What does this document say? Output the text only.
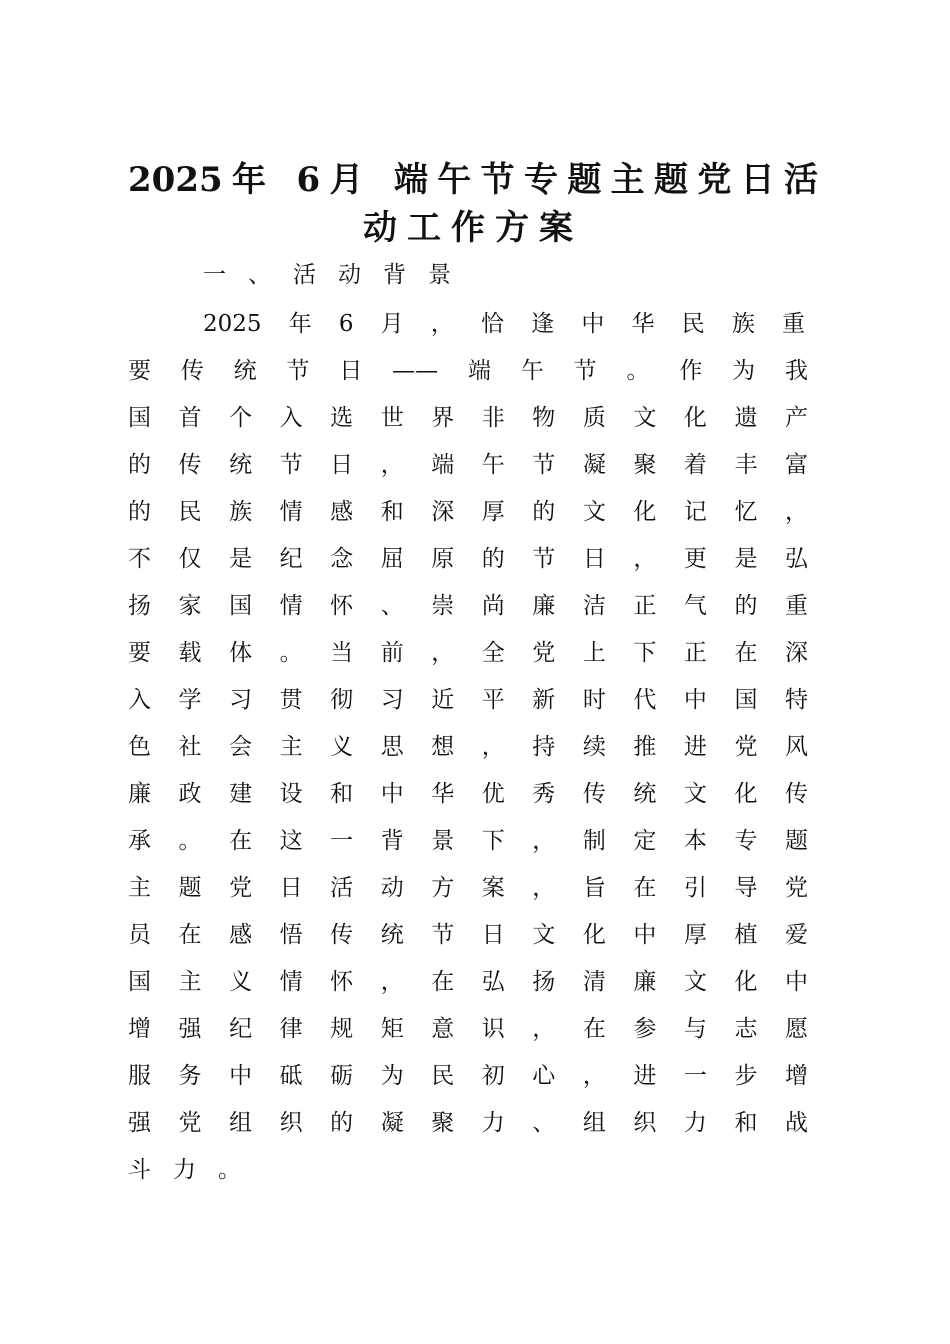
2025年 6月 端午节专题主题党日活
动工作方案
一、活动背景
2025年6月，恰逢中华民族重
要传统节日——端午节。作为我
国首个入选世界非物质文化遗产
的传统节日，端午节凝聚着丰富
的民族情感和深厚的文化记忆，
不仅是纪念屈原的节日，更是弘
扬家国情怀、崇尚廉洁正气的重
要载体。当前，全党上下正在深
入学习贯彻习近平新时代中国特
色社会主义思想，持续推进党风
廉政建设和中华优秀传统文化传
承。在这一背景下，制定本专题
主题党日活动方案，旨在引导党
员在感悟传统节日文化中厚植爱
国主义情怀，在弘扬清廉文化中
增强纪律规矩意识，在参与志愿
服务中砥砺为民初心，进一步增
强党组织的凝聚力、组织力和战
斗力。
